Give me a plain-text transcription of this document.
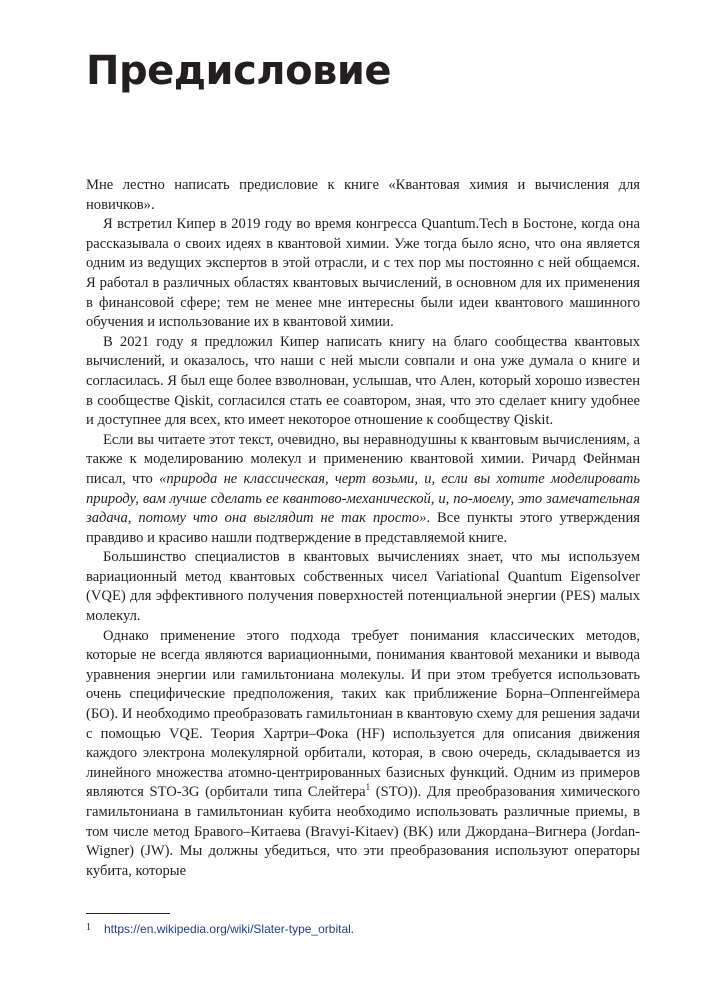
Предисловие

Мне лестно написать предисловие к книге «Квантовая химия и вычисления для новичков».

Я встретил Кипер в 2019 году во время конгресса Quantum.Tech в Бостоне, когда она рассказывала о своих идеях в квантовой химии. Уже тогда было ясно, что она является одним из ведущих экспертов в этой отрасли, и с тех пор мы постоянно с ней общаемся. Я работал в различных областях квантовых вычислений, в основном для их применения в финансовой сфере; тем не менее мне интересны были идеи квантового машинного обучения и использование их в квантовой химии.

В 2021 году я предложил Кипер написать книгу на благо сообщества квантовых вычислений, и оказалось, что наши с ней мысли совпали и она уже думала о книге и согласилась. Я был еще более взволнован, услышав, что Ален, который хорошо известен в сообществе Qiskit, согласился стать ее соавтором, зная, что это сделает книгу удобнее и доступнее для всех, кто имеет некоторое отношение к сообществу Qiskit.

Если вы читаете этот текст, очевидно, вы неравнодушны к квантовым вычислениям, а также к моделированию молекул и применению квантовой химии. Ричард Фейнман писал, что «природа не классическая, черт возьми, и, если вы хотите моделировать природу, вам лучше сделать ее квантово-механической, и, по-моему, это замечательная задача, потому что она выглядит не так просто». Все пункты этого утверждения правдиво и красиво нашли подтверждение в представляемой книге.

Большинство специалистов в квантовых вычислениях знает, что мы используем вариационный метод квантовых собственных чисел Variational Quantum Eigensolver (VQE) для эффективного получения поверхностей потенциальной энергии (PES) малых молекул.

Однако применение этого подхода требует понимания классических методов, которые не всегда являются вариационными, понимания квантовой механики и вывода уравнения энергии или гамильтониана молекулы. И при этом требуется использовать очень специфические предположения, таких как приближение Борна–Оппенгеймера (БО). И необходимо преобразовать гамильтониан в квантовую схему для решения задачи с помощью VQE. Теория Хартри–Фока (HF) используется для описания движения каждого электрона молекулярной орбитали, которая, в свою очередь, складывается из линейного множества атомно-центрированных базисных функций. Одним из примеров являются STO-3G (орбитали типа Слейтера$^1$ (STO)). Для преобразования химического гамильтониана в гамильтониан кубита необходимо использовать различные приемы, в том числе метод Бравого–Китаева (Bravyi-Kitaev) (BK) или Джордана–Вигнера (Jordan-Wigner) (JW). Мы должны убедиться, что эти преобразования используют операторы кубита, которые

1 https://en.wikipedia.org/wiki/Slater-type_orbital.
